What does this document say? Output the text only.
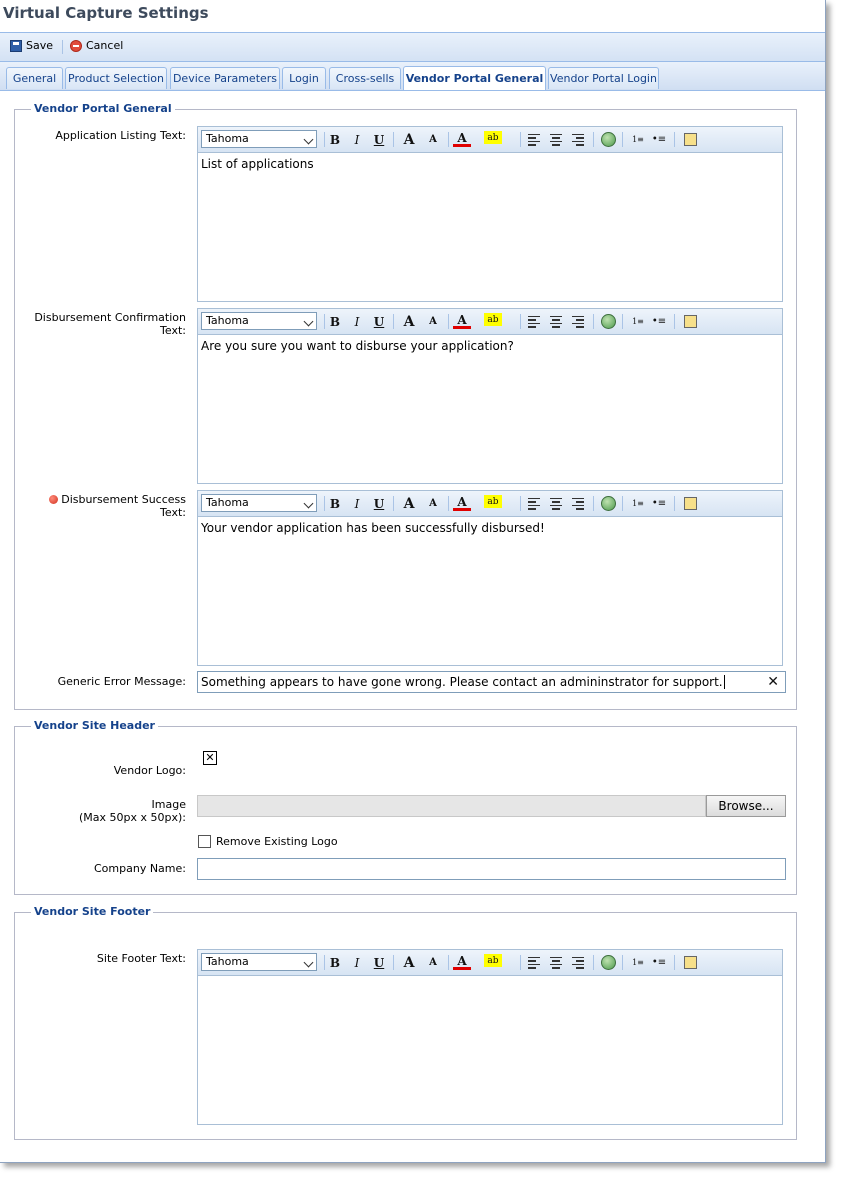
Virtual Capture Settings
Save	Cancel
General	Product Selection Device Parameters	Login	Cross-sells	Vendor Portal General Vendor Portal Login
Vendor Portal General
Application Listing Text:	Tahoma	B	I	U A	A	A	ab	1≡ •≡
List of applications
Disbursement Confirmation Text:
Tahoma	B	I	U A	A	A	ab	1≡ •≡
Are you sure you want to disburse your application?
Disbursement Success Text:
Tahoma	B	I	U A	A	A	ab	1≡ •≡
Your vendor application has been successfully disbursed!
Generic Error Message:	Something appears to have gone wrong. Please contact an admininstrator for support.	✕
Vendor Site Header
✕
Vendor Logo:
Image
(Max 50px x 50px):
Browse...
Remove Existing Logo
Company Name:
Vendor Site Footer
Site Footer Text:	Tahoma	B	I	U A	A	A	ab	1≡ •≡
